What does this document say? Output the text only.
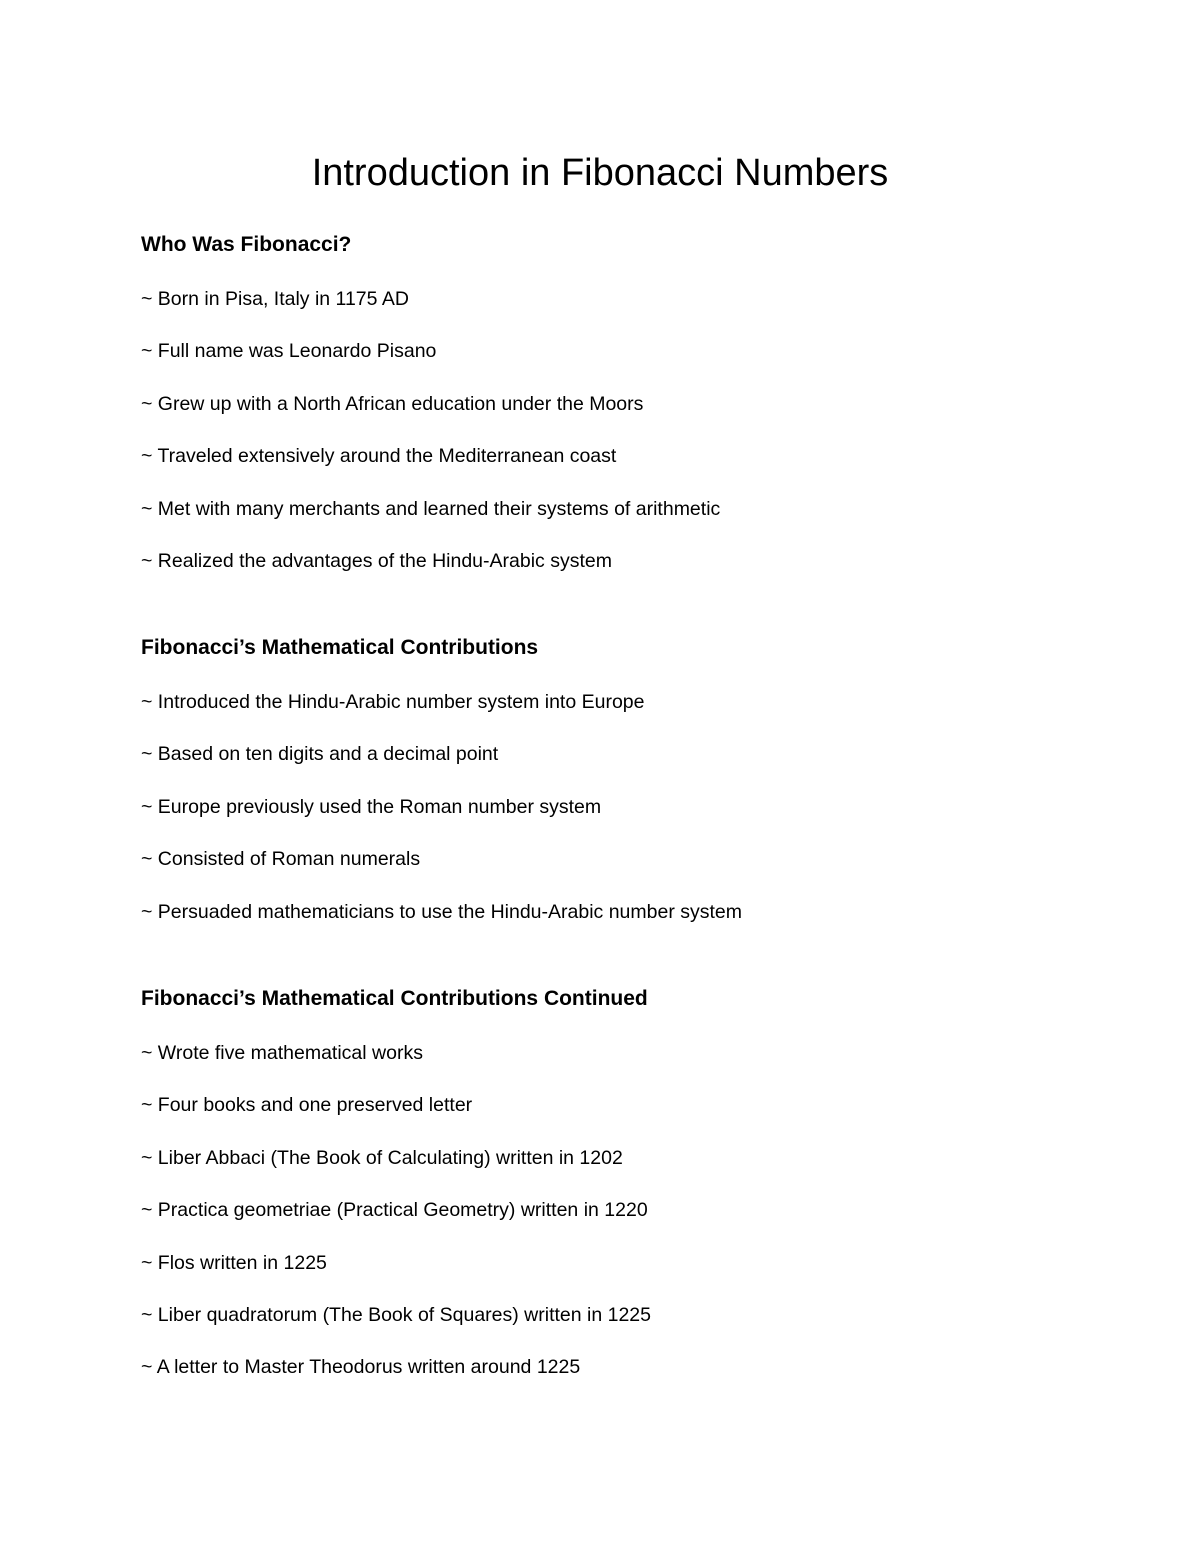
Introduction in Fibonacci Numbers
Who Was Fibonacci?
~ Born in Pisa, Italy in 1175 AD
~ Full name was Leonardo Pisano
~ Grew up with a North African education under the Moors
~ Traveled extensively around the Mediterranean coast
~ Met with many merchants and learned their systems of arithmetic
~ Realized the advantages of the Hindu-Arabic system
Fibonacci’s Mathematical Contributions
~ Introduced the Hindu-Arabic number system into Europe
~ Based on ten digits and a decimal point
~ Europe previously used the Roman number system
~ Consisted of Roman numerals
~ Persuaded mathematicians to use the Hindu-Arabic number system
Fibonacci’s Mathematical Contributions Continued
~ Wrote five mathematical works
~ Four books and one preserved letter
~ Liber Abbaci (The Book of Calculating) written in 1202
~ Practica geometriae (Practical Geometry) written in 1220
~ Flos written in 1225
~ Liber quadratorum (The Book of Squares) written in 1225
~ A letter to Master Theodorus written around 1225
